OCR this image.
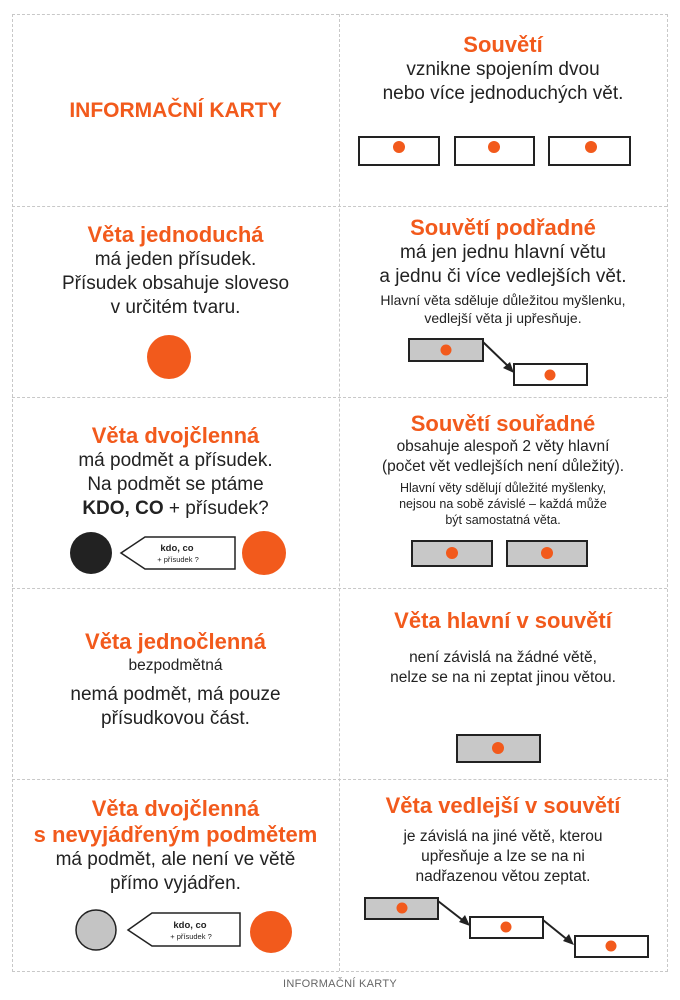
INFORMAČNÍ KARTY
Souvětí
vznikne spojením dvou
nebo více jednoduchých vět.
Věta jednoduchá
má jeden přísudek.
Přísudek obsahuje sloveso
v určitém tvaru.
Souvětí podřadné
má jen jednu hlavní větu
a jednu či více vedlejších vět.
Hlavní věta sděluje důležitou myšlenku,
vedlejší věta ji upřesňuje.
Věta dvojčlenná
má podmět a přísudek.
Na podmět se ptáme
KDO, CO + přísudek?
kdo, co
+ přísudek ?
Souvětí souřadné
obsahuje alespoň 2 věty hlavní
(počet vět vedlejších není důležitý).
Hlavní věty sdělují důležité myšlenky,
nejsou na sobě závislé – každá může
být samostatná věta.
Věta jednočlenná
bezpodmětná
nemá podmět, má pouze
přísudkovou část.
Věta hlavní v souvětí
není závislá na žádné větě,
nelze se na ni zeptat jinou větou.
Věta dvojčlenná
s nevyjádřeným podmětem
má podmět, ale není ve větě
přímo vyjádřen.
kdo, co
+ přísudek ?
Věta vedlejší v souvětí
je závislá na jiné větě, kterou
upřesňuje a lze se na ni
nadřazenou větou zeptat.
INFORMAČNÍ KARTY
